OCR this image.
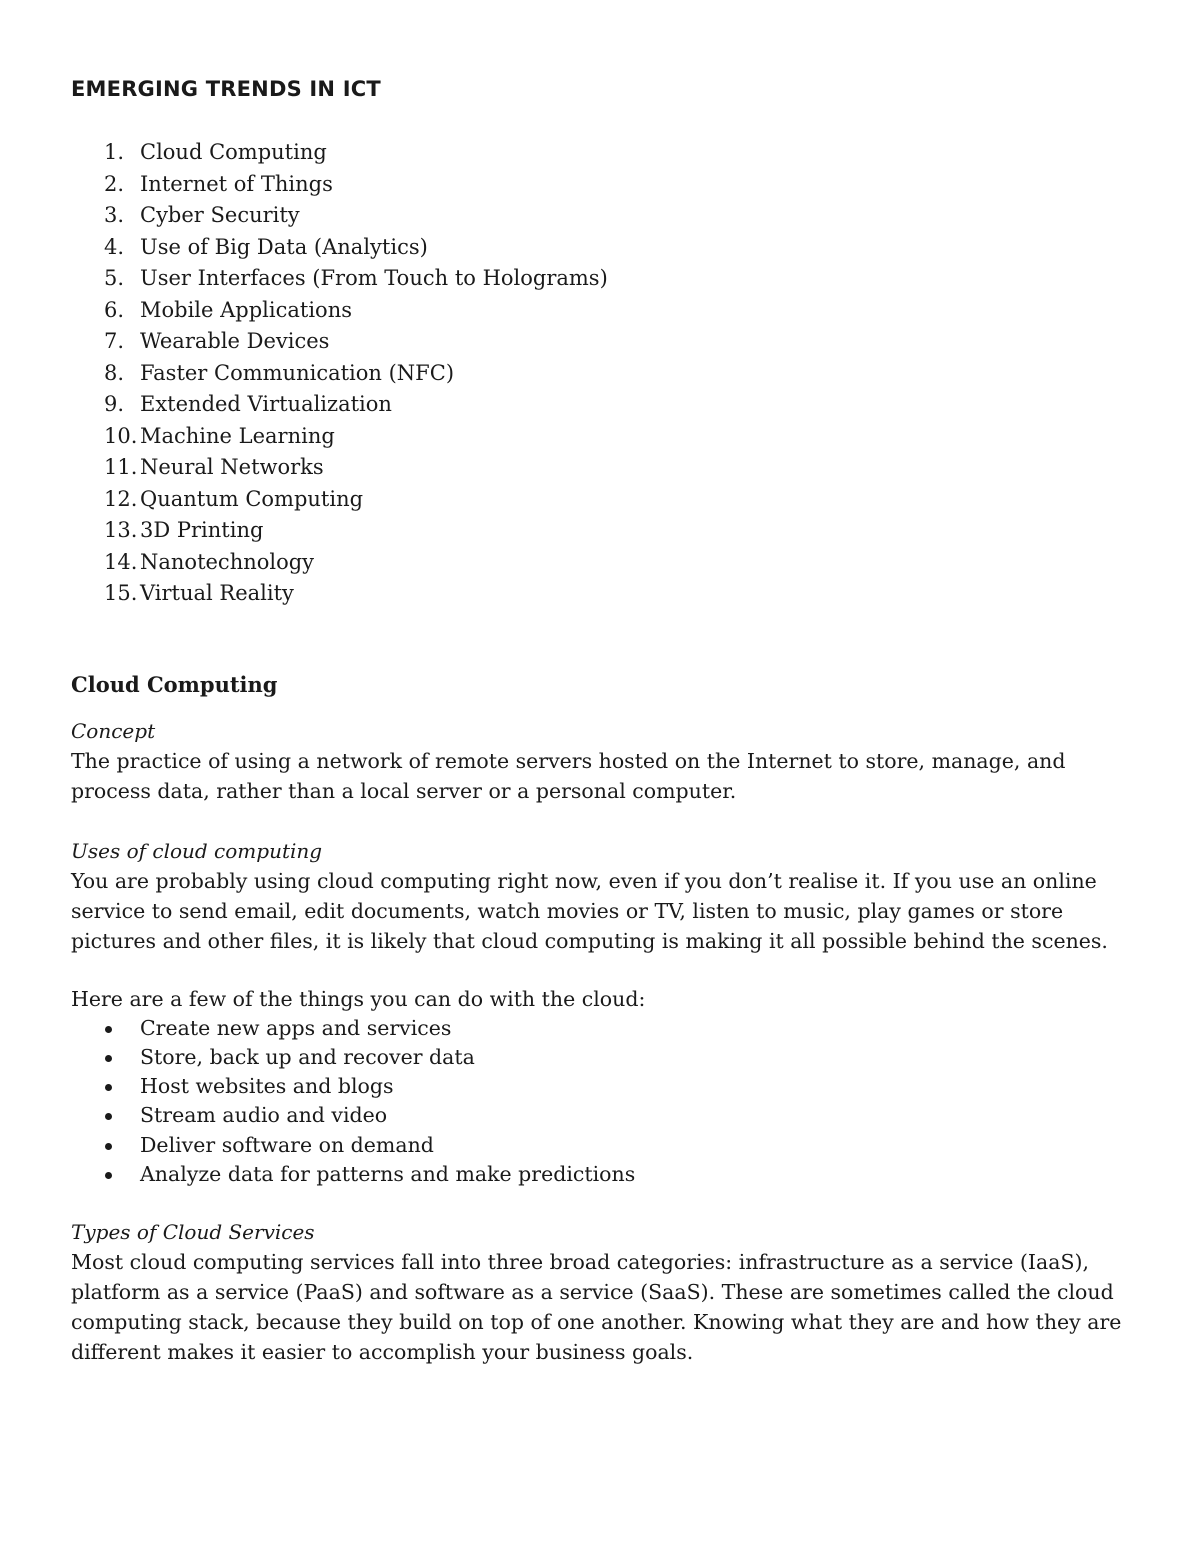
EMERGING TRENDS IN ICT
1. Cloud Computing
2. Internet of Things
3. Cyber Security
4. Use of Big Data (Analytics)
5. User Interfaces (From Touch to Holograms)
6. Mobile Applications
7. Wearable Devices
8. Faster Communication (NFC)
9. Extended Virtualization
10. Machine Learning
11. Neural Networks
12. Quantum Computing
13. 3D Printing
14. Nanotechnology
15. Virtual Reality
Cloud Computing

Concept

The practice of using a network of remote servers hosted on the Internet to store, manage, and process data, rather than a local server or a personal computer.

Uses of cloud computing

You are probably using cloud computing right now, even if you don’t realise it. If you use an online service to send email, edit documents, watch movies or TV, listen to music, play games or store pictures and other files, it is likely that cloud computing is making it all possible behind the scenes.

Here are a few of the things you can do with the cloud:

Create new apps and services
Store, back up and recover data
Host websites and blogs
Stream audio and video
Deliver software on demand
Analyze data for patterns and make predictions

Types of Cloud Services

Most cloud computing services fall into three broad categories: infrastructure as a service (IaaS), platform as a service (PaaS) and software as a service (SaaS). These are sometimes called the cloud computing stack, because they build on top of one another. Knowing what they are and how they are different makes it easier to accomplish your business goals.
